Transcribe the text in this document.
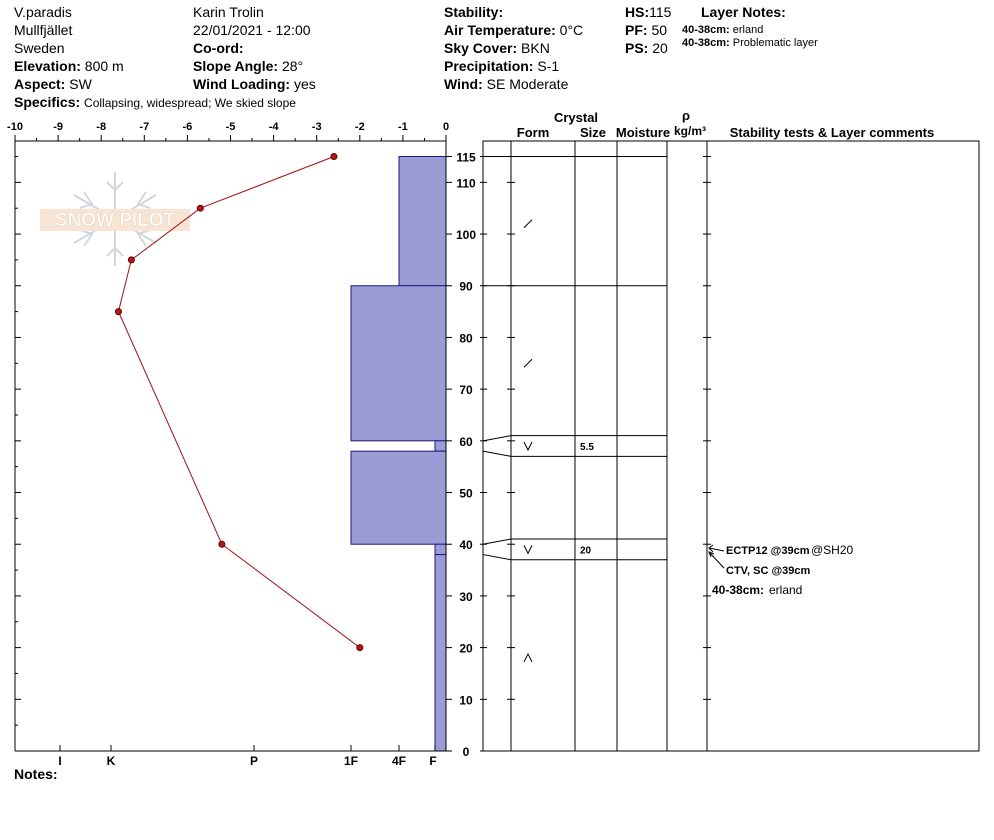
V.paradis
Mullfjället
Sweden
Elevation: 800 m
Aspect: SW
Specifics: Collapsing, widespread; We skied slope
Karin Trolin
22/01/2021 - 12:00
Co-ord:
Slope Angle: 28°
Wind Loading: yes
Stability:
Air Temperature: 0°C
Sky Cover: BKN
Precipitation: S-1
Wind: SE Moderate
HS:115
PF: 50
PS: 20
Layer Notes:
40-38cm: erland
40-38cm: Problematic layer
Notes:
SNOW PILOT
-10	-9	-8	-7	-6	-5	-4	-3	-2	-1	0
I	K	P	1F	4F F
0
10
20
30
40
50
60
70
80
90
100
110
115
5.5
20
Crystal
Form Size Moisture
ρ
kg/m³ Stability tests & Layer comments
ECTP12 @39cm @SH20
CTV, SC @39cm
40-38cm: erland
